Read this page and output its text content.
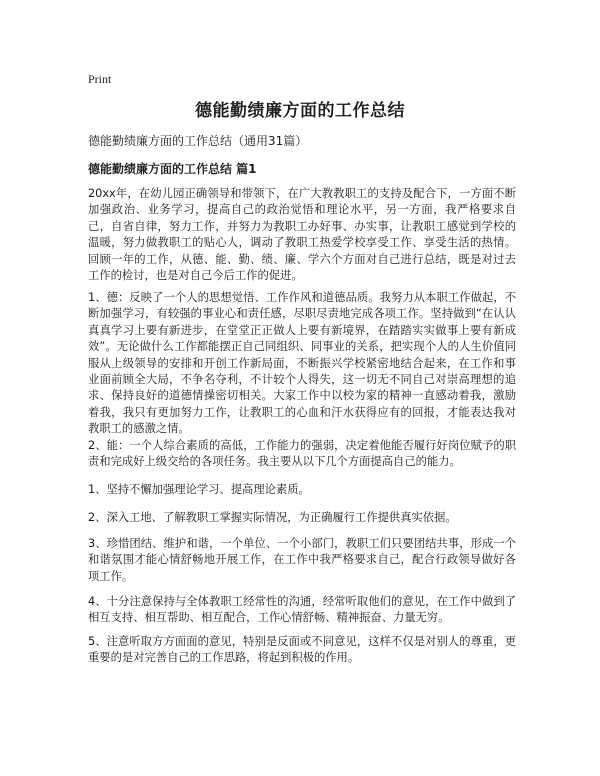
Print
德能勤绩廉方面的工作总结

德能勤绩廉方面的工作总结（通用31篇）

德能勤绩廉方面的工作总结 篇1

20xx年，在幼儿园正确领导和带领下，在广大教教职工的支持及配合下，一方面不断加强政治、业务学习，提高自己的政治觉悟和理论水平，另一方面，我严格要求自己，自省自律，努力工作，并努力为教职工办好事、办实事，让教职工感觉到学校的温暖，努力做教职工的贴心人，调动了教职工热爱学校享受工作、享受生活的热情。回顾一年的工作，从德、能、勤、绩、廉、学六个方面对自己进行总结，既是对过去工作的检讨，也是对自己今后工作的促进。

1、德：反映了一个人的思想觉悟、工作作风和道德品质。我努力从本职工作做起，不断加强学习，有较强的事业心和责任感，尽职尽责地完成各项工作。坚持做到“在认认真真学习上要有新进步，在堂堂正正做人上要有新境界，在踏踏实实做事上要有新成效”。无论做什么工作都能摆正自己同组织、同事业的关系，把实现个人的人生价值同服从上级领导的安排和开创工作新局面，不断振兴学校紧密地结合起来，在工作和事业面前顾全大局，不争名夺利，不计较个人得失，这一切无不同自己对崇高理想的追求、保持良好的道德情操密切相关。大家工作中以校为家的精神一直感动着我，激励着我，我只有更加努力工作，让教职工的心血和汗水获得应有的回报，才能表达我对教职工的感激之情。

2、能：一个人综合素质的高低，工作能力的强弱，决定着他能否履行好岗位赋予的职责和完成好上级交给的各项任务。我主要从以下几个方面提高自己的能力。

1、坚持不懈加强理论学习、提高理论素质。

2、深入工地、了解教职工掌握实际情况，为正确履行工作提供真实依据。

3、珍惜团结、维护和谐，一个单位、一个小部门，教职工们只要团结共事，形成一个和谐氛围才能心情舒畅地开展工作，在工作中我严格要求自己，配合行政领导做好各项工作。

4、十分注意保持与全体教职工经常性的沟通，经常听取他们的意见，在工作中做到了相互支持、相互帮助、相互配合，工作心情舒畅、精神振奋、力量无穷。

5、注意听取方方面面的意见，特别是反面或不同意见，这样不仅是对别人的尊重，更重要的是对完善自己的工作思路，将起到积极的作用。
